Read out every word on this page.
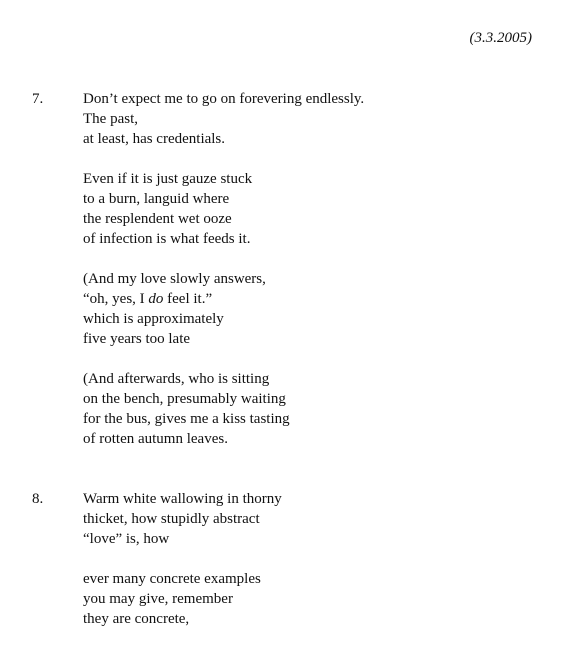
(3.3.2005)
7.	Don’t expect me to go on forevering endlessly.
The past,
at least, has credentials.
Even if it is just gauze stuck
to a burn, languid where
the resplendent wet ooze
of infection is what feeds it.
(And my love slowly answers,
“oh, yes, I do feel it.”
which is approximately
five years too late
(And afterwards, who is sitting
on the bench, presumably waiting
for the bus, gives me a kiss tasting
of rotten autumn leaves.
8.	Warm white wallowing in thorny
thicket, how stupidly abstract
“love” is, how
ever many concrete examples
you may give, remember
they are concrete,
